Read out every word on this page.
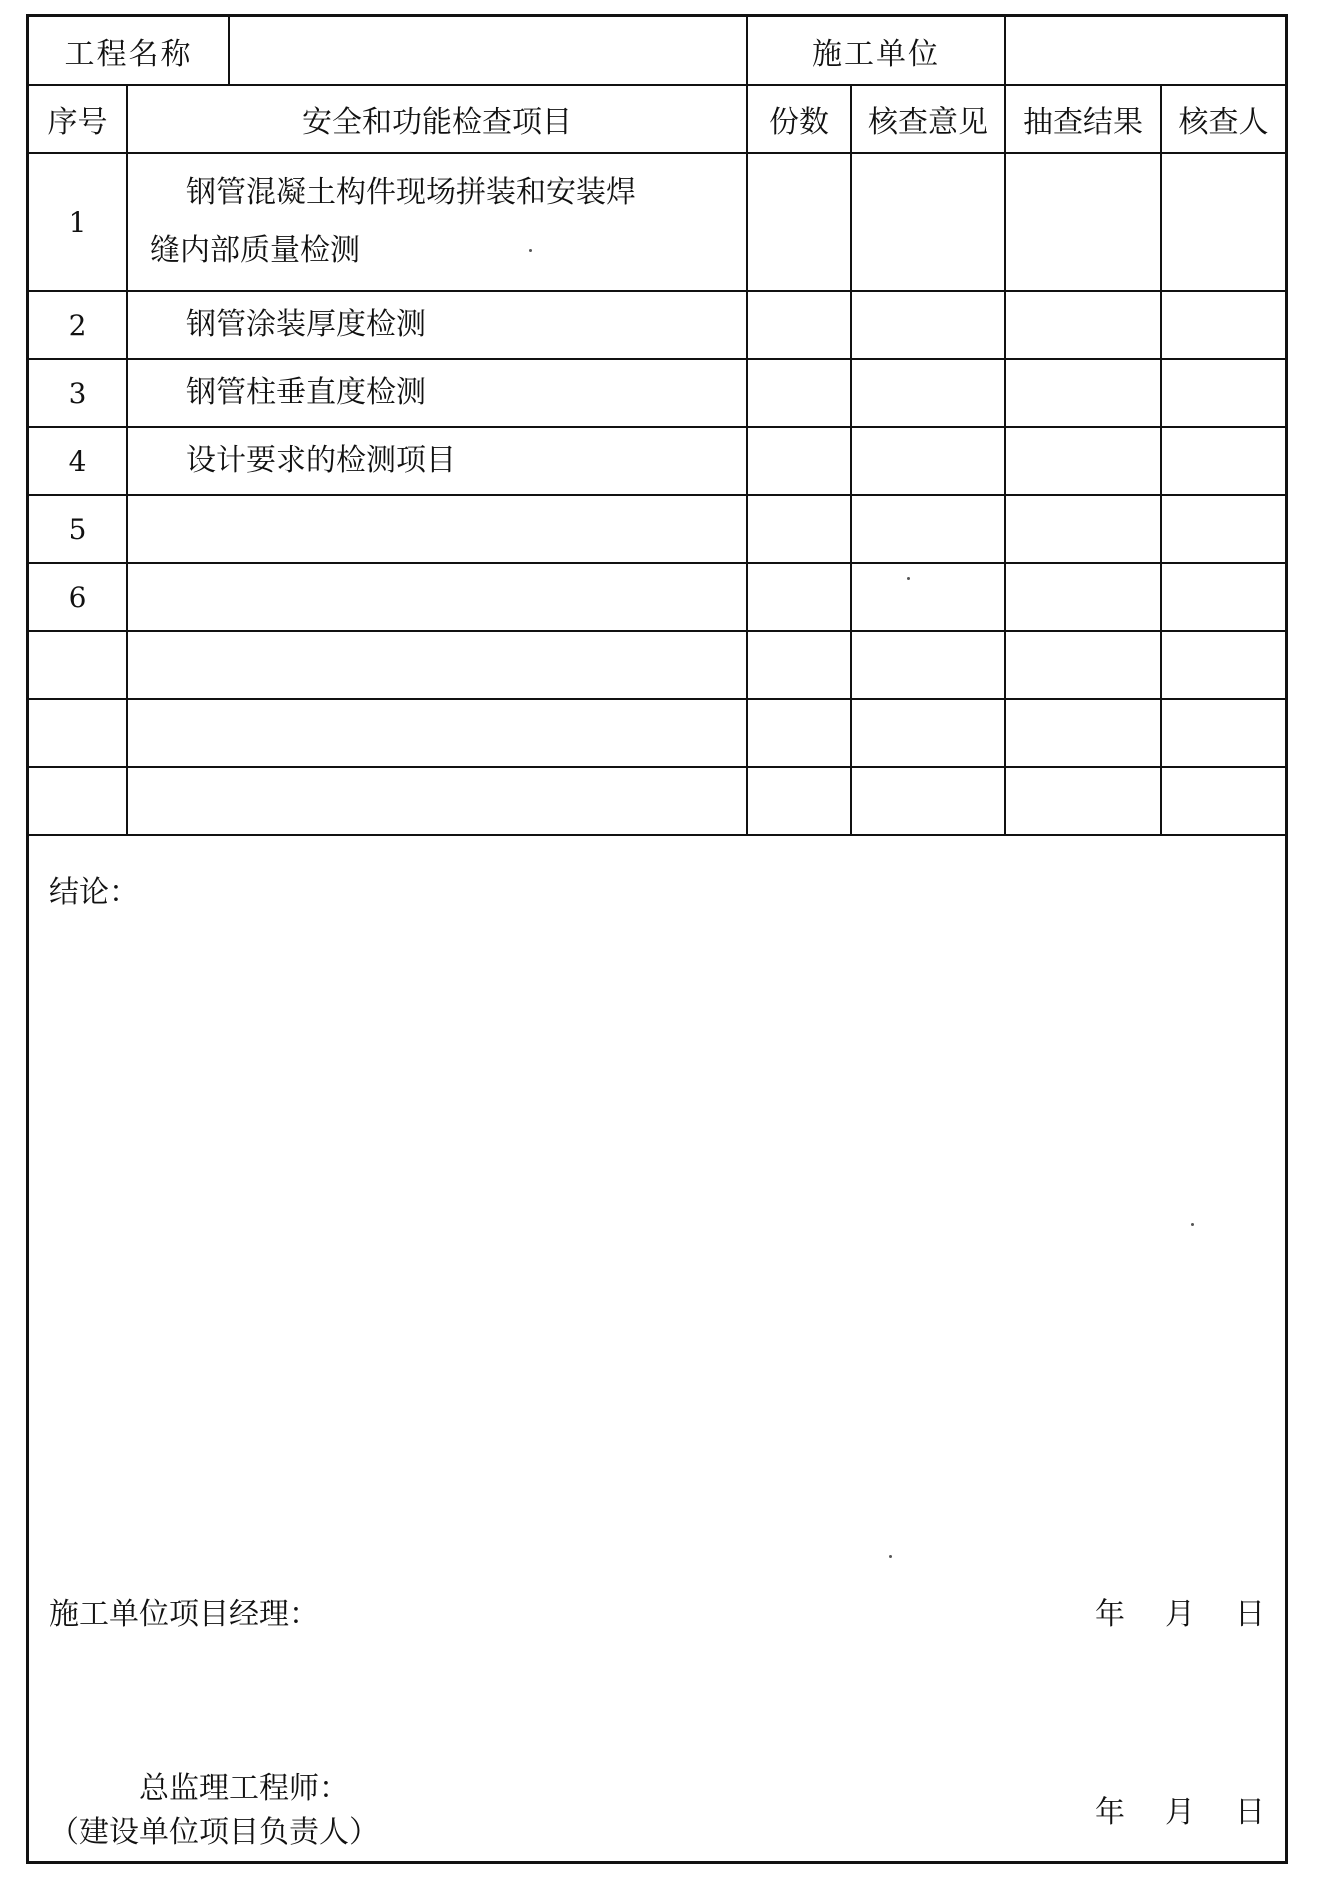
工程名称			施工单位			
序号	安全和功能检查项目		份数	核查意见	抽查结果	核查人
1	钢管混凝土构件现场拼装和安装焊
缝内部质量检测					

2	钢管涂装厚度检测					
3	钢管柱垂直度检测					
4	设计要求的检测项目					
5						
6						

结论：
施工单位项目经理：	年 月 日
总监理工程师：
（建设单位项目负责人）
年 月 日
